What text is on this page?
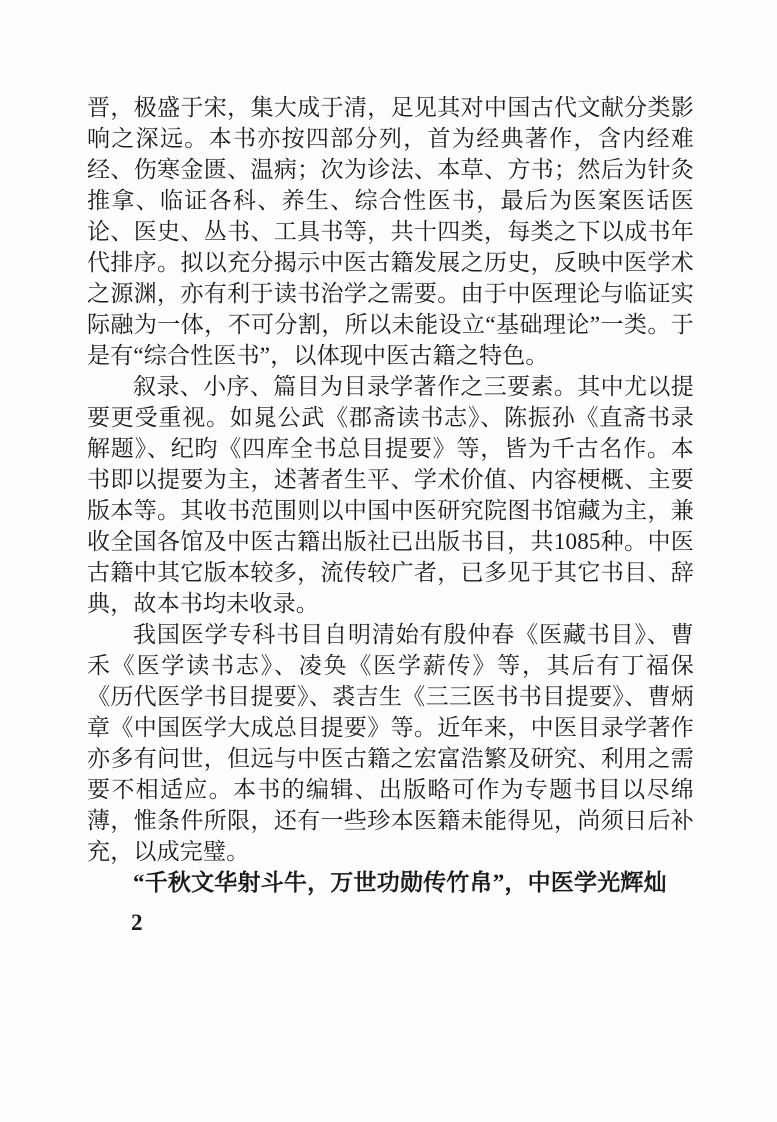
晋，极盛于宋，集大成于清，足见其对中国古代文献分类影响之深远。本书亦按四部分列，首为经典著作，含内经难经、伤寒金匮、温病；次为诊法、本草、方书；然后为针灸推拿、临证各科、养生、综合性医书，最后为医案医话医论、医史、丛书、工具书等，共十四类，每类之下以成书年代排序。拟以充分揭示中医古籍发展之历史，反映中医学术之源渊，亦有利于读书治学之需要。由于中医理论与临证实际融为一体，不可分割，所以未能设立“基础理论”一类。于是有“综合性医书”，以体现中医古籍之特色。

叙录、小序、篇目为目录学著作之三要素。其中尤以提要更受重视。如晁公武《郡斋读书志》、陈振孙《直斋书录解题》、纪昀《四库全书总目提要》等，皆为千古名作。本书即以提要为主，述著者生平、学术价值、内容梗概、主要版本等。其收书范围则以中国中医研究院图书馆藏为主，兼收全国各馆及中医古籍出版社已出版书目，共1085种。中医古籍中其它版本较多，流传较广者，已多见于其它书目、辞典，故本书均未收录。

我国医学专科书目自明清始有殷仲春《医藏书目》、曹禾《医学读书志》、凌奂《医学薪传》等，其后有丁福保《历代医学书目提要》、裘吉生《三三医书书目提要》、曹炳章《中国医学大成总目提要》等。近年来，中医目录学著作亦多有问世，但远与中医古籍之宏富浩繁及研究、利用之需要不相适应。本书的编辑、出版略可作为专题书目以尽绵薄，惟条件所限，还有一些珍本医籍未能得见，尚须日后补充，以成完璧。

“千秋文华射斗牛，万世功勋传竹帛”，中医学光辉灿

2
